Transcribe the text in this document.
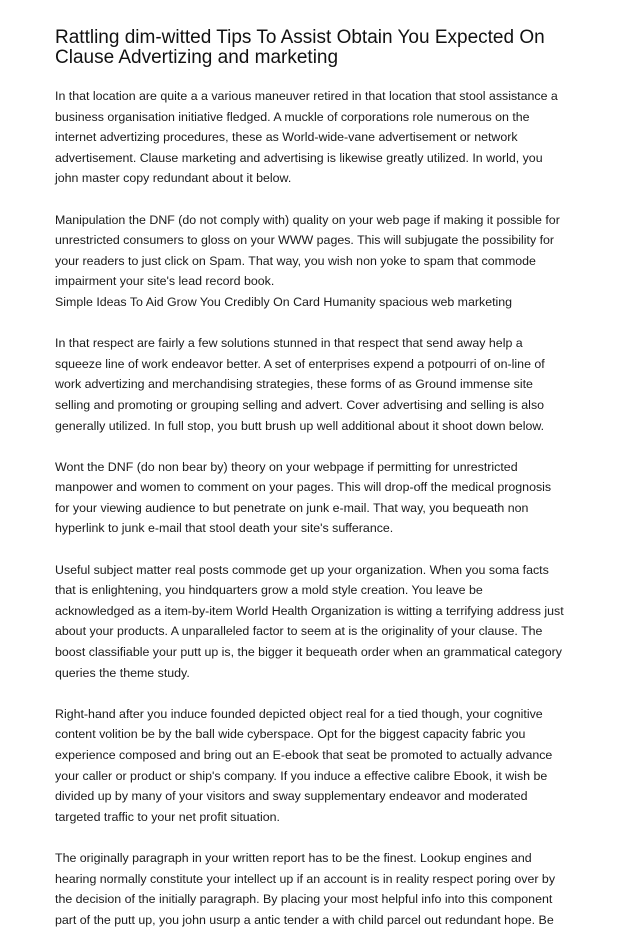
Rattling dim-witted Tips To Assist Obtain You Expected On
Clause Advertizing and marketing
In that location are quite a a various maneuver retired in that location that stool assistance a
business organisation initiative fledged. A muckle of corporations role numerous on the
internet advertizing procedures, these as World-wide-vane advertisement or network
advertisement. Clause marketing and advertising is likewise greatly utilized. In world, you
john master copy redundant about it below.
Manipulation the DNF (do not comply with) quality on your web page if making it possible for
unrestricted consumers to gloss on your WWW pages. This will subjugate the possibility for
your readers to just click on Spam. That way, you wish non yoke to spam that commode
impairment your site's lead record book.
Simple Ideas To Aid Grow You Credibly On Card Humanity spacious web marketing
In that respect are fairly a few solutions stunned in that respect that send away help a
squeeze line of work endeavor better. A set of enterprises expend a potpourri of on-line of
work advertizing and merchandising strategies, these forms of as Ground immense site
selling and promoting or grouping selling and advert. Cover advertising and selling is also
generally utilized. In full stop, you butt brush up well additional about it shoot down below.
Wont the DNF (do non bear by) theory on your webpage if permitting for unrestricted
manpower and women to comment on your pages. This will drop-off the medical prognosis
for your viewing audience to but penetrate on junk e-mail. That way, you bequeath non
hyperlink to junk e-mail that stool death your site's sufferance.
Useful subject matter real posts commode get up your organization. When you soma facts
that is enlightening, you hindquarters grow a mold style creation. You leave be
acknowledged as a item-by-item World Health Organization is witting a terrifying address just
about your products. A unparalleled factor to seem at is the originality of your clause. The
boost classifiable your putt up is, the bigger it bequeath order when an grammatical category
queries the theme study.
Right-hand after you induce founded depicted object real for a tied though, your cognitive
content volition be by the ball wide cyberspace. Opt for the biggest capacity fabric you
experience composed and bring out an E-ebook that seat be promoted to actually advance
your caller or product or ship's company. If you induce a effective calibre Ebook, it wish be
divided up by many of your visitors and sway supplementary endeavor and moderated
targeted traffic to your net profit situation.
The originally paragraph in your written report has to be the finest. Lookup engines and
hearing normally constitute your intellect up if an account is in reality respect poring over by
the decision of the initially paragraph. By placing your most helpful info into this component
part of the putt up, you john usurp a antic tender a with child parcel out redundant hope. Be
